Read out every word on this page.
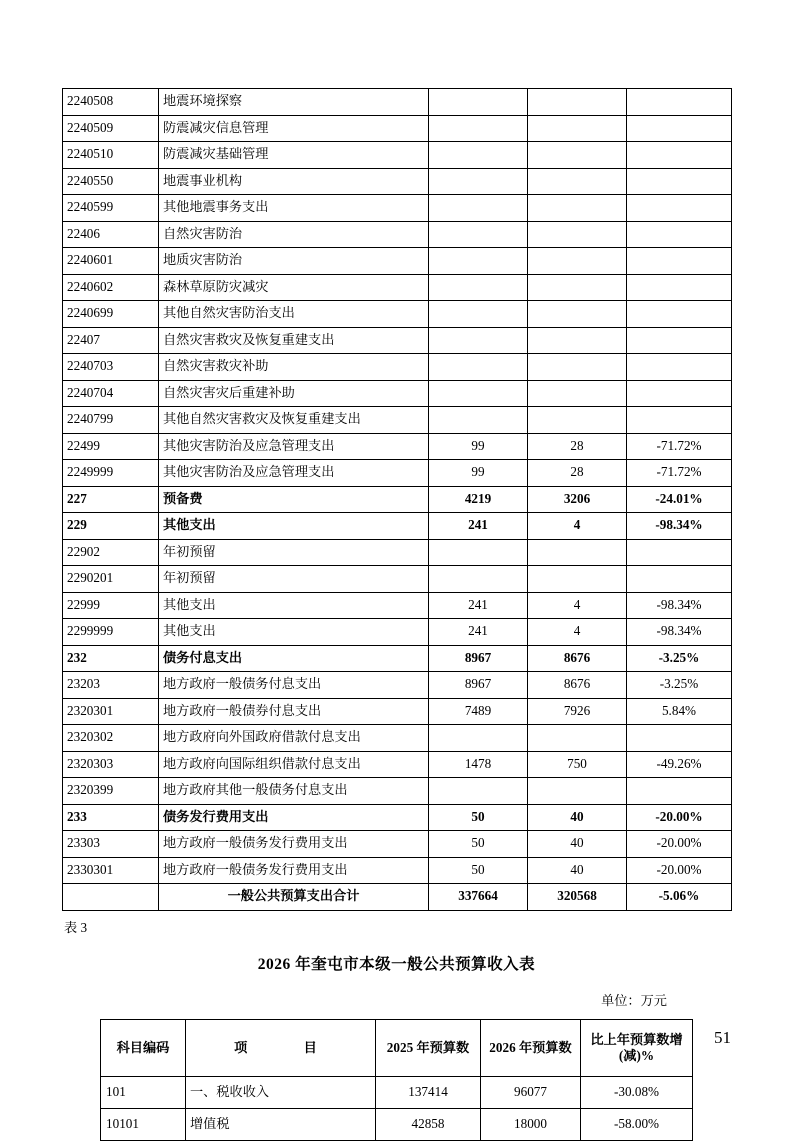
2240508	地震环境探察			
2240509	防震减灾信息管理			
2240510	防震减灾基础管理			
2240550	地震事业机构			
2240599	其他地震事务支出			
22406	自然灾害防治			
2240601	地质灾害防治			
2240602	森林草原防灾减灾			
2240699	其他自然灾害防治支出			
22407	自然灾害救灾及恢复重建支出			
2240703	自然灾害救灾补助			
2240704	自然灾害灾后重建补助			
2240799	其他自然灾害救灾及恢复重建支出			
22499	其他灾害防治及应急管理支出	99	28	-71.72%
2249999	其他灾害防治及应急管理支出	99	28	-71.72%
227	预备费	4219	3206	-24.01%
229	其他支出	241	4	-98.34%
22902	年初预留			
2290201	年初预留			
22999	其他支出	241	4	-98.34%
2299999	其他支出	241	4	-98.34%
232	债务付息支出	8967	8676	-3.25%
23203	地方政府一般债务付息支出	8967	8676	-3.25%
2320301	地方政府一般债券付息支出	7489	7926	5.84%
2320302	地方政府向外国政府借款付息支出			
2320303	地方政府向国际组织借款付息支出	1478	750	-49.26%
2320399	地方政府其他一般债务付息支出			
233	债务发行费用支出	50	40	-20.00%
23303	地方政府一般债务发行费用支出	50	40	-20.00%
2330301	地方政府一般债务发行费用支出	50	40	-20.00%
	一般公共预算支出合计	337664	320568	-5.06%
表 3
2026 年奎屯市本级一般公共预算收入表
单位：万元
科目编码	项　　目	2025 年预算数	2026 年预算数	比上年预算数增
(减)%

101	一、税收收入	137414	96077	-30.08%
10101	增值税	42858	18000	-58.00%
51
